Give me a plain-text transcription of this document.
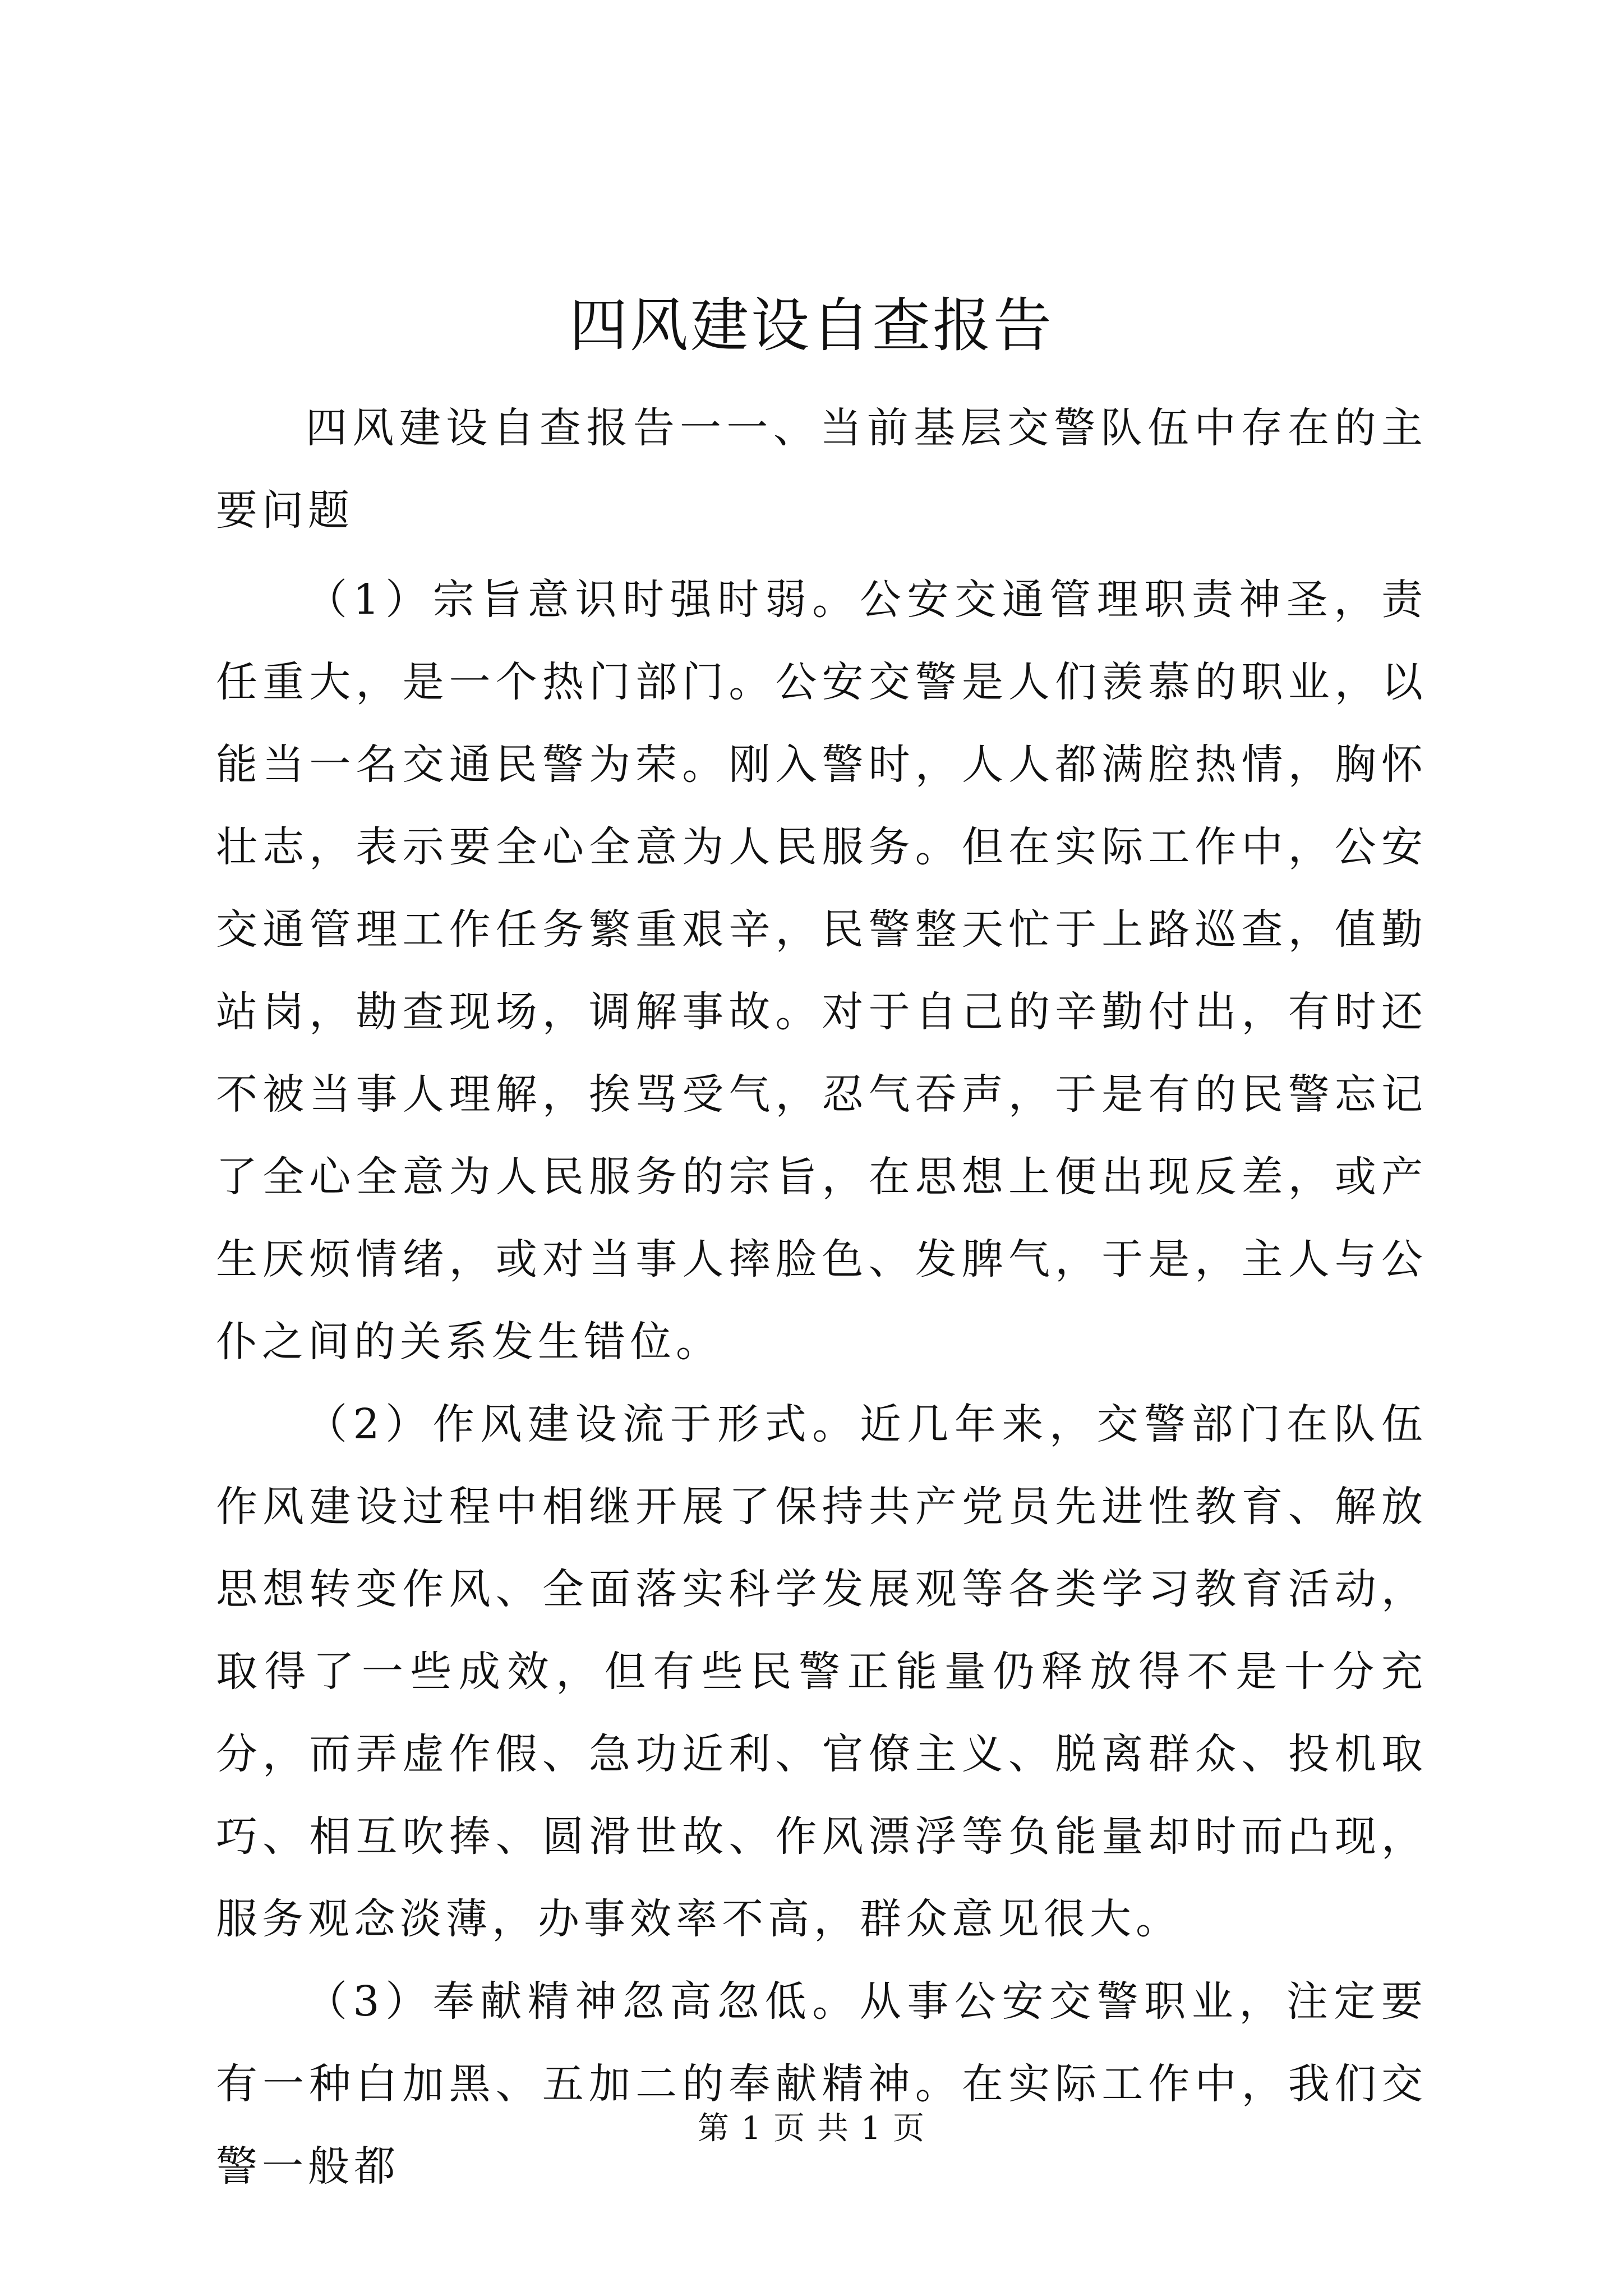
四风建设自查报告

四风建设自查报告一一、当前基层交警队伍中存在的主要问题

（1）宗旨意识时强时弱。公安交通管理职责神圣，责任重大，是一个热门部门。公安交警是人们羡慕的职业，以能当一名交通民警为荣。刚入警时，人人都满腔热情，胸怀壮志，表示要全心全意为人民服务。但在实际工作中，公安交通管理工作任务繁重艰辛，民警整天忙于上路巡查，值勤站岗，勘查现场，调解事故。对于自己的辛勤付出，有时还不被当事人理解，挨骂受气，忍气吞声，于是有的民警忘记了全心全意为人民服务的宗旨，在思想上便出现反差，或产生厌烦情绪，或对当事人摔脸色、发脾气，于是，主人与公仆之间的关系发生错位。

（2）作风建设流于形式。近几年来，交警部门在队伍作风建设过程中相继开展了保持共产党员先进性教育、解放思想转变作风、全面落实科学发展观等各类学习教育活动，取得了一些成效，但有些民警正能量仍释放得不是十分充分，而弄虚作假、急功近利、官僚主义、脱离群众、投机取巧、相互吹捧、圆滑世故、作风漂浮等负能量却时而凸现，服务观念淡薄，办事效率不高，群众意见很大。

（3）奉献精神忽高忽低。从事公安交警职业，注定要有一种白加黑、五加二的奉献精神。在实际工作中，我们交警一般都

第 1 页 共 1 页
